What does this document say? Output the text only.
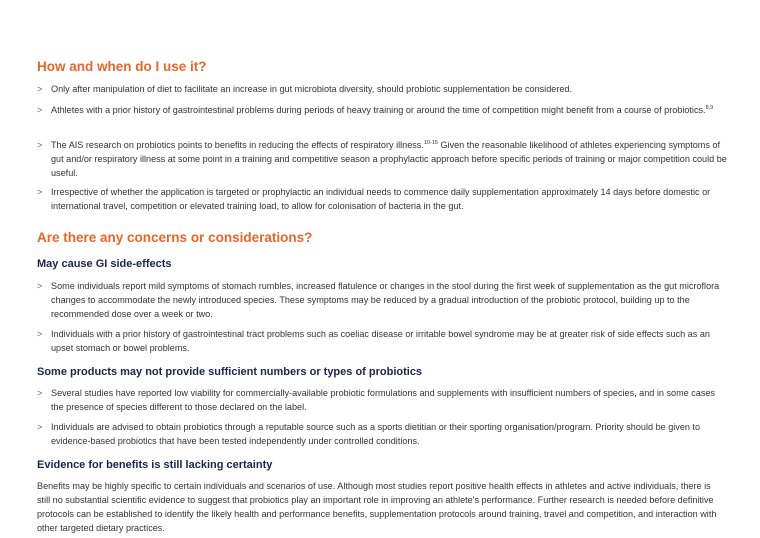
How and when do I use it?
> Only after manipulation of diet to facilitate an increase in gut microbiota diversity, should probiotic supplementation be considered.
> Athletes with a prior history of gastrointestinal problems during periods of heavy training or around the time of competition might benefit from a course of probiotics.$^{8,9}$
> The AIS research on probiotics points to benefits in reducing the effects of respiratory illness.$^{10-15}$ Given the reasonable likelihood of athletes experiencing symptoms of gut and/or respiratory illness at some point in a training and competitive season a prophylactic approach before specific periods of training or major competition could be useful.
> Irrespective of whether the application is targeted or prophylactic an individual needs to commence daily supplementation approximately 14 days before domestic or international travel, competition or elevated training load, to allow for colonisation of bacteria in the gut.
Are there any concerns or considerations?
May cause GI side-effects
> Some individuals report mild symptoms of stomach rumbles, increased flatulence or changes in the stool during the first week of supplementation as the gut microflora changes to accommodate the newly introduced species. These symptoms may be reduced by a gradual introduction of the probiotic protocol, building up to the recommended dose over a week or two.
> Individuals with a prior history of gastrointestinal tract problems such as coeliac disease or irritable bowel syndrome may be at greater risk of side effects such as an upset stomach or bowel problems.
Some products may not provide sufficient numbers or types of probiotics
> Several studies have reported low viability for commercially-available probiotic formulations and supplements with insufficient numbers of species, and in some cases the presence of species different to those declared on the label.
> Individuals are advised to obtain probiotics through a reputable source such as a sports dietitian or their sporting organisation/program. Priority should be given to evidence-based probiotics that have been tested independently under controlled conditions.
Evidence for benefits is still lacking certainty

Benefits may be highly specific to certain individuals and scenarios of use. Although most studies report positive health effects in athletes and active individuals, there is still no substantial scientific evidence to suggest that probiotics play an important role in improving an athlete's performance. Further research is needed before definitive protocols can be established to identify the likely health and performance benefits, supplementation protocols around training, travel and competition, and interaction with other targeted dietary practices.
